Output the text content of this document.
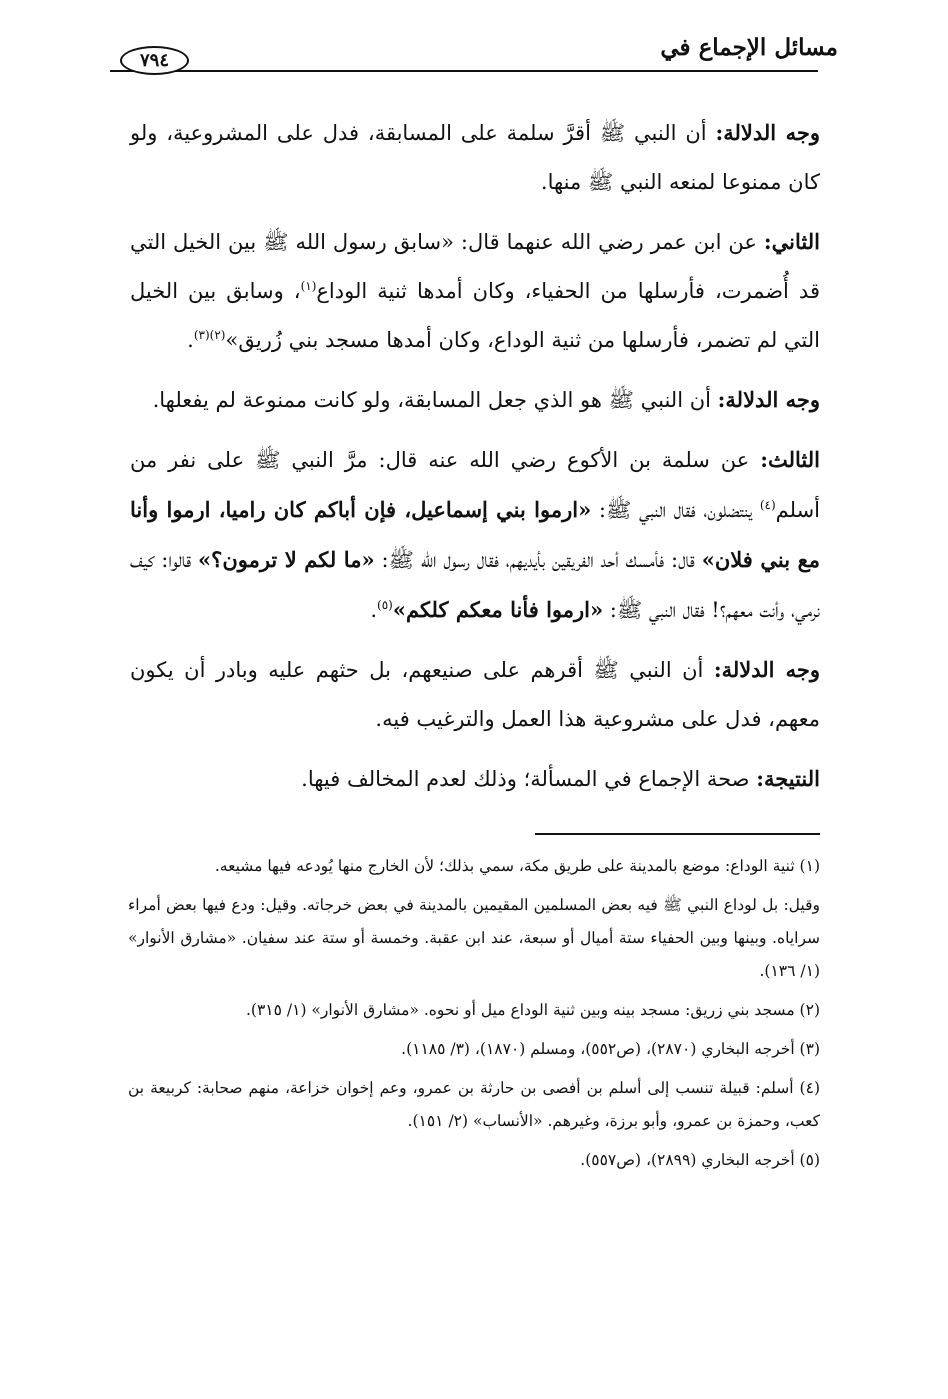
مسائل الإجماع في
٧٩٤

وجه الدلالة: أن النبي ﷺ أقرَّ سلمة على المسابقة، فدل على المشروعية، ولو كان ممنوعا لمنعه النبي ﷺ منها.

الثاني: عن ابن عمر رضي الله عنهما قال: «سابق رسول الله ﷺ بين الخيل التي قد أُضمرت، فأرسلها من الحفياء، وكان أمدها ثنية الوداع$^{(١)}$، وسابق بين الخيل التي لم تضمر، فأرسلها من ثنية الوداع، وكان أمدها مسجد بني زُريق»$^{(٢)(٣)}$.

وجه الدلالة: أن النبي ﷺ هو الذي جعل المسابقة، ولو كانت ممنوعة لم يفعلها.

الثالث: عن سلمة بن الأكوع رضي الله عنه قال: مرَّ النبي ﷺ على نفر من أسلم$^{(٤)}$ ينتضلون، فقال النبي ﷺ: «ارموا بني إسماعيل، فإن أباكم كان راميا، ارموا وأنا مع بني فلان» قال: فأمسك أحد الفريقين بأيديهم، فقال رسول الله ﷺ: «ما لكم لا ترمون؟» قالوا: كيف نرمي، وأنت معهم؟! فقال النبي ﷺ: «ارموا فأنا معكم كلكم»$^{(٥)}$.

وجه الدلالة: أن النبي ﷺ أقرهم على صنيعهم، بل حثهم عليه وبادر أن يكون معهم، فدل على مشروعية هذا العمل والترغيب فيه.

النتيجة: صحة الإجماع في المسألة؛ وذلك لعدم المخالف فيها.

(١) ثنية الوداع: موضع بالمدينة على طريق مكة، سمي بذلك؛ لأن الخارج منها يُودعه فيها مشيعه.

وقيل: بل لوداع النبي ﷺ فيه بعض المسلمين المقيمين بالمدينة في بعض خرجاته. وقيل: ودع فيها بعض أمراء سراياه. وبينها وبين الحفياء ستة أميال أو سبعة، عند ابن عقبة. وخمسة أو ستة عند سفيان. «مشارق الأنوار» (١/ ١٣٦).

(٢) مسجد بني زريق: مسجد بينه وبين ثنية الوداع ميل أو نحوه. «مشارق الأنوار» (١/ ٣١٥).

(٣) أخرجه البخاري (٢٨٧٠)، (ص٥٥٢)، ومسلم (١٨٧٠)، (٣/ ١١٨٥).

(٤) أسلم: قبيلة تنسب إلى أسلم بن أفصى بن حارثة بن عمرو، وعم إخوان خزاعة، منهم صحابة: كربيعة بن كعب، وحمزة بن عمرو، وأبو برزة، وغيرهم. «الأنساب» (٢/ ١٥١).

(٥) أخرجه البخاري (٢٨٩٩)، (ص٥٥٧).
